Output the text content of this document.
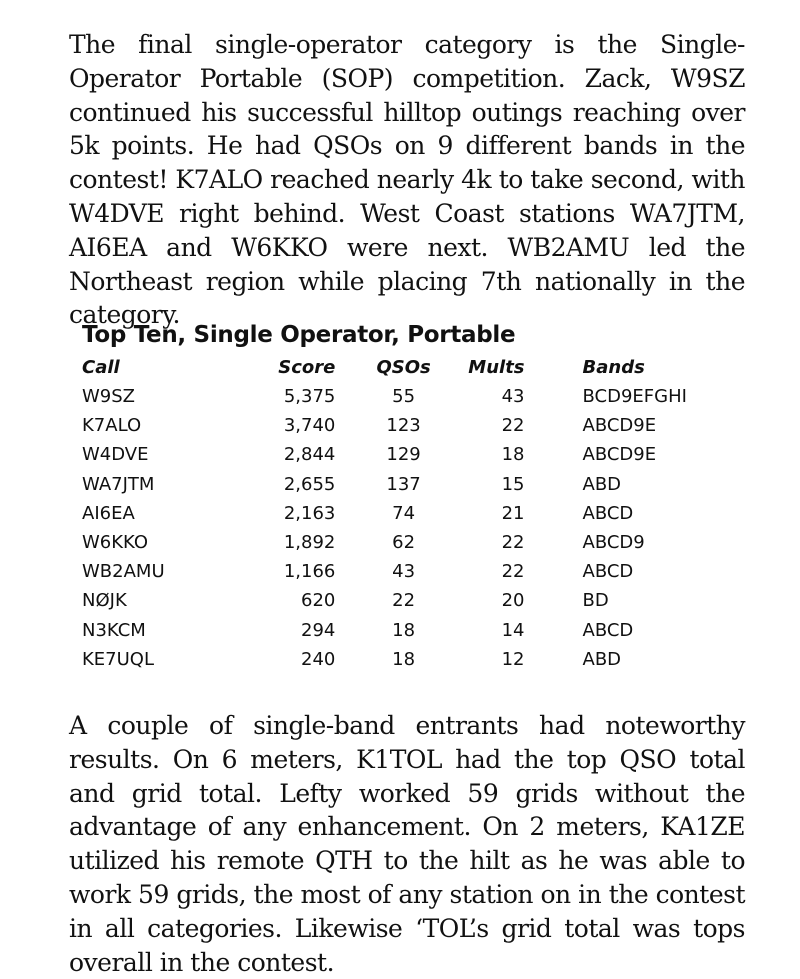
The final single-operator category is the Single-Operator Portable (SOP) competition. Zack, W9SZ continued his successful hilltop outings reaching over 5k points. He had QSOs on 9 different bands in the contest! K7ALO reached nearly 4k to take second, with W4DVE right behind. West Coast stations WA7JTM, AI6EA and W6KKO were next. WB2AMU led the Northeast region while placing 7th nationally in the category.

Top Ten, Single Operator, Portable
Call	Score	QSOs	Mults	Bands
W9SZ	5,375	55	43	BCD9EFGHI
K7ALO	3,740	123	22	ABCD9E
W4DVE	2,844	129	18	ABCD9E
WA7JTM	2,655	137	15	ABD
AI6EA	2,163	74	21	ABCD
W6KKO	1,892	62	22	ABCD9
WB2AMU	1,166	43	22	ABCD
NØJK	620	22	20	BD
N3KCM	294	18	14	ABCD
KE7UQL	240	18	12	ABD

A couple of single-band entrants had noteworthy results. On 6 meters, K1TOL had the top QSO total and grid total. Lefty worked 59 grids without the advantage of any enhancement. On 2 meters, KA1ZE utilized his remote QTH to the hilt as he was able to work 59 grids, the most of any station on in the contest in all categories. Likewise ‘TOL’s grid total was tops overall in the contest.
